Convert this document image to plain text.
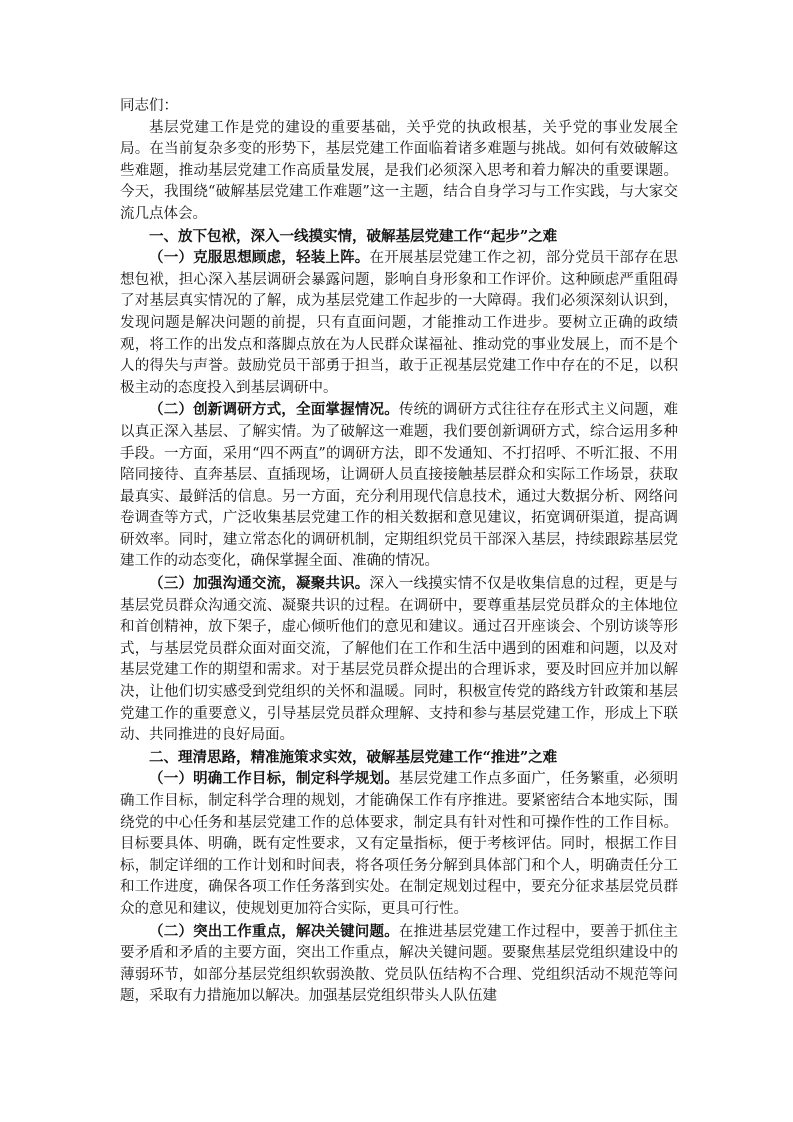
同志们：

基层党建工作是党的建设的重要基础，关乎党的执政根基，关乎党的事业发展全局。在当前复杂多变的形势下，基层党建工作面临着诸多难题与挑战。如何有效破解这些难题，推动基层党建工作高质量发展，是我们必须深入思考和着力解决的重要课题。今天，我围绕“破解基层党建工作难题”这一主题，结合自身学习与工作实践，与大家交流几点体会。

一、放下包袱，深入一线摸实情，破解基层党建工作“起步”之难

（一）克服思想顾虑，轻装上阵。在开展基层党建工作之初，部分党员干部存在思想包袱，担心深入基层调研会暴露问题，影响自身形象和工作评价。这种顾虑严重阻碍了对基层真实情况的了解，成为基层党建工作起步的一大障碍。我们必须深刻认识到，发现问题是解决问题的前提，只有直面问题，才能推动工作进步。要树立正确的政绩观，将工作的出发点和落脚点放在为人民群众谋福祉、推动党的事业发展上，而不是个人的得失与声誉。鼓励党员干部勇于担当，敢于正视基层党建工作中存在的不足，以积极主动的态度投入到基层调研中。

（二）创新调研方式，全面掌握情况。传统的调研方式往往存在形式主义问题，难以真正深入基层、了解实情。为了破解这一难题，我们要创新调研方式，综合运用多种手段。一方面，采用“四不两直”的调研方法，即不发通知、不打招呼、不听汇报、不用陪同接待、直奔基层、直插现场，让调研人员直接接触基层群众和实际工作场景，获取最真实、最鲜活的信息。另一方面，充分利用现代信息技术，通过大数据分析、网络问卷调查等方式，广泛收集基层党建工作的相关数据和意见建议，拓宽调研渠道，提高调研效率。同时，建立常态化的调研机制，定期组织党员干部深入基层，持续跟踪基层党建工作的动态变化，确保掌握全面、准确的情况。

（三）加强沟通交流，凝聚共识。深入一线摸实情不仅是收集信息的过程，更是与基层党员群众沟通交流、凝聚共识的过程。在调研中，要尊重基层党员群众的主体地位和首创精神，放下架子，虚心倾听他们的意见和建议。通过召开座谈会、个别访谈等形式，与基层党员群众面对面交流，了解他们在工作和生活中遇到的困难和问题，以及对基层党建工作的期望和需求。对于基层党员群众提出的合理诉求，要及时回应并加以解决，让他们切实感受到党组织的关怀和温暖。同时，积极宣传党的路线方针政策和基层党建工作的重要意义，引导基层党员群众理解、支持和参与基层党建工作，形成上下联动、共同推进的良好局面。

二、理清思路，精准施策求实效，破解基层党建工作“推进”之难

（一）明确工作目标，制定科学规划。基层党建工作点多面广，任务繁重，必须明确工作目标，制定科学合理的规划，才能确保工作有序推进。要紧密结合本地实际，围绕党的中心任务和基层党建工作的总体要求，制定具有针对性和可操作性的工作目标。目标要具体、明确，既有定性要求，又有定量指标，便于考核评估。同时，根据工作目标，制定详细的工作计划和时间表，将各项任务分解到具体部门和个人，明确责任分工和工作进度，确保各项工作任务落到实处。在制定规划过程中，要充分征求基层党员群众的意见和建议，使规划更加符合实际，更具可行性。

（二）突出工作重点，解决关键问题。在推进基层党建工作过程中，要善于抓住主要矛盾和矛盾的主要方面，突出工作重点，解决关键问题。要聚焦基层党组织建设中的薄弱环节，如部分基层党组织软弱涣散、党员队伍结构不合理、党组织活动不规范等问题，采取有力措施加以解决。加强基层党组织带头人队伍建
